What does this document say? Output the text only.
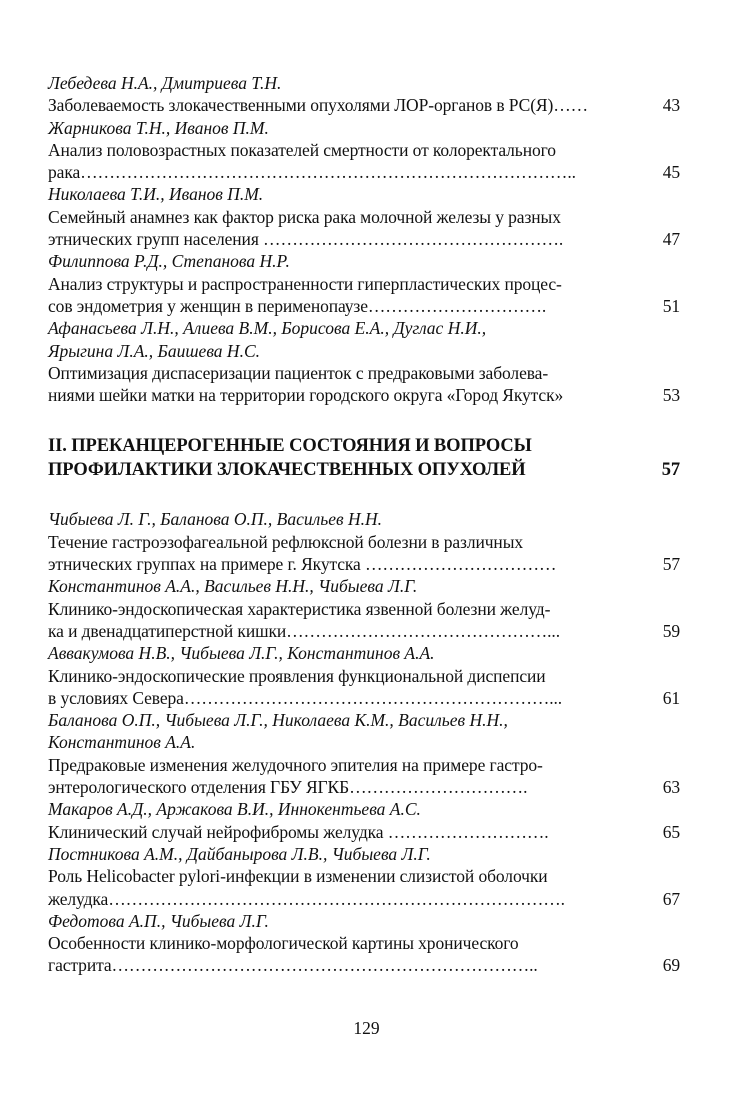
Лебедева Н.А., Дмитриева Т.Н.
Заболеваемость злокачественными опухолями ЛОР-органов в РС(Я)……	43
Жарникова Т.Н., Иванов П.М.
Анализ половозрастных показателей смертности от колоректального
рака…………………………………………………………………………..	45
Николаева Т.И., Иванов П.М.
Семейный анамнез как фактор риска рака молочной железы у разных
этнических групп населения …………………………………………….	47
Филиппова Р.Д., Степанова Н.Р.
Анализ структуры и распространенности гиперпластических процес-
сов эндометрия у женщин в перименопаузе………………………….	51
Афанасьева Л.Н., Алиева В.М., Борисова Е.А., Дуглас Н.И.,
Ярыгина Л.А., Баишева Н.С.
Оптимизация диспасеризации пациенток с предраковыми заболева-
ниями шейки матки на территории городского округа «Город Якутск»	53
II. ПРЕКАНЦЕРОГЕННЫЕ СОСТОЯНИЯ И ВОПРОСЫ
ПРОФИЛАКТИКИ ЗЛОКАЧЕСТВЕННЫХ ОПУХОЛЕЙ	57
Чибыева Л. Г., Баланова О.П., Васильев Н.Н.
Течение гастроэзофагеальной рефлюксной болезни в различных
этнических группах на примере г. Якутска ……………………………	57
Константинов А.А., Васильев Н.Н., Чибыева Л.Г.
Клинико-эндоскопическая характеристика язвенной болезни желуд-
ка и двенадцатиперстной кишки………………………………………...	59
Аввакумова Н.В., Чибыева Л.Г., Константинов А.А.
Клинико-эндоскопические проявления функциональной диспепсии
в условиях Севера………………………………………………………...	61
Баланова О.П., Чибыева Л.Г., Николаева К.М., Васильев Н.Н.,
Константинов А.А.
Предраковые изменения желудочного эпителия на примере гастро-
энтерологического отделения ГБУ ЯГКБ………………………….	63
Макаров А.Д., Аржакова В.И., Иннокентьева А.С.
Клинический случай нейрофибромы желудка ……………………….	65
Постникова А.М., Дайбанырова Л.В., Чибыева Л.Г.
Роль Helicobacter pylori-инфекции в изменении слизистой оболочки
желудка…………………………………………………………………….	67
Федотова А.П., Чибыева Л.Г.
Особенности клинико-морфологической картины хронического
гастрита………………………………………………………………..	69
129
